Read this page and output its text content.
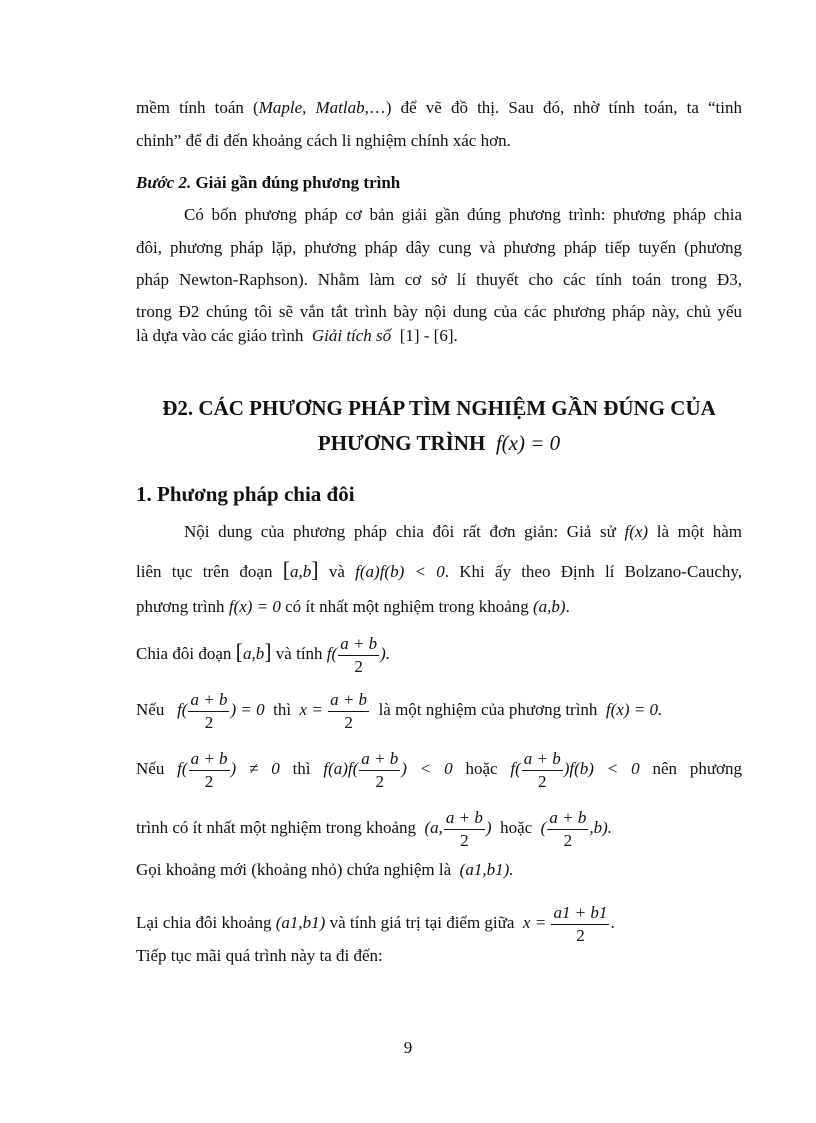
mềm tính toán (Maple, Matlab,…) để vẽ đồ thị. Sau đó, nhờ tính toán, ta “tinh
chỉnh” để đi đến khoảng cách li nghiệm chính xác hơn.
Bước 2. Giải gần đúng phương trình
Có bốn phương pháp cơ bản giải gần đúng phương trình: phương pháp chia
đôi, phương pháp lặp, phương pháp dây cung và phương pháp tiếp tuyến (phương
pháp Newton-Raphson). Nhằm làm cơ sở lí thuyết cho các tính toán trong Đ3,
trong Đ2 chúng tôi sẽ vắn tắt trình bày nội dung của các phương pháp này, chủ yếu
là dựa vào các giáo trình Giải tích số [1] - [6].
Đ2. CÁC PHƯƠNG PHÁP TÌM NGHIỆM GẦN ĐÚNG CỦA
PHƯƠNG TRÌNH f(x) = 0
1. Phương pháp chia đôi
Nội dung của phương pháp chia đôi rất đơn giản: Giả sử f(x) là một hàm
liên tục trên đoạn [a,b] và f(a)f(b) < 0. Khi ấy theo Định lí Bolzano-Cauchy,
phương trình f(x) = 0 có ít nhất một nghiệm trong khoảng (a,b).
Chia đôi đoạn [a,b] và tính $f( \frac{a + b}{2}$ ).
Nếu $f( \frac{a + b}{2}$ ) = 0 thì $x = \frac{a + b}{2}$ là một nghiệm của phương trình f(x) = 0.
Nếu $f( \frac{a + b}{2}$ ) ≠ 0 thì $f(a)f( \frac{a + b}{2}$ ) < 0 hoặc $f( \frac{a + b}{2} )f(b) < 0$ nên phương
trình có ít nhất một nghiệm trong khoảng (a, $\frac{a + b}{2}$ ) hoặc ( $\frac{a + b}{2} ,b$).
Gọi khoảng mới (khoảng nhỏ) chứa nghiệm là (a1,b1).
Lại chia đôi khoảng (a1,b1) và tính giá trị tại điểm giữa $x = \frac{a1 + b1}{2}$ .
Tiếp tục mãi quá trình này ta đi đến:
9
